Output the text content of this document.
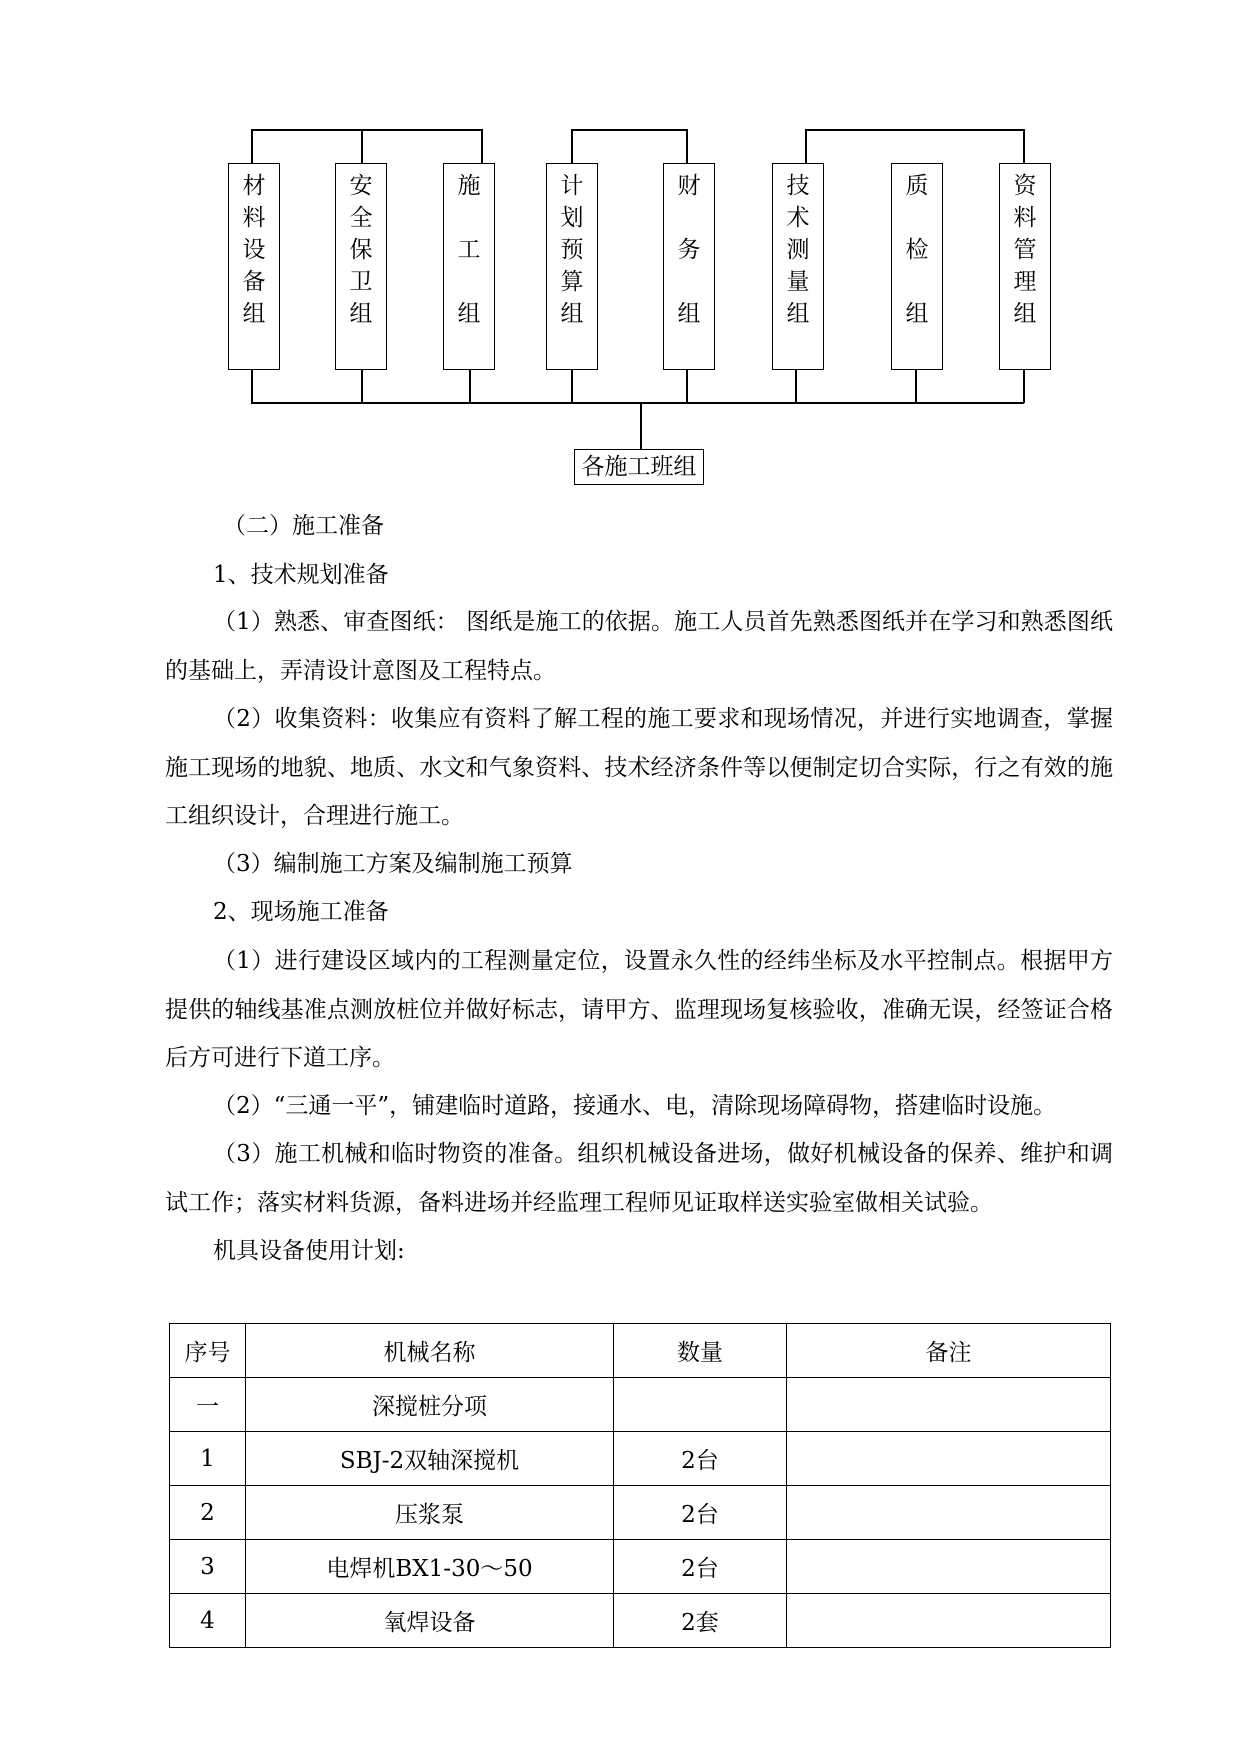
材
料
设
备
组
安
全
保
卫
组
施

工

组
计
划
预
算
组
财

务

组
技
术
测
量
组
质

检

组
资
料
管
理
组
各施工班组
（二）施工准备
1、技术规划准备
（1）熟悉、审查图纸： 图纸是施工的依据。施工人员首先熟悉图纸并在学习和熟悉图纸的基础上，弄清设计意图及工程特点。
（2）收集资料：收集应有资料了解工程的施工要求和现场情况，并进行实地调查，掌握施工现场的地貌、地质、水文和气象资料、技术经济条件等以便制定切合实际，行之有效的施工组织设计，合理进行施工。
（3）编制施工方案及编制施工预算
2、现场施工准备
（1）进行建设区域内的工程测量定位，设置永久性的经纬坐标及水平控制点。根据甲方提供的轴线基准点测放桩位并做好标志，请甲方、监理现场复核验收，准确无误，经签证合格后方可进行下道工序。
（2）“三通一平”，铺建临时道路，接通水、电，清除现场障碍物，搭建临时设施。
（3）施工机械和临时物资的准备。组织机械设备进场，做好机械设备的保养、维护和调试工作；落实材料货源，备料进场并经监理工程师见证取样送实验室做相关试验。
机具设备使用计划:
序号	机械名称	数量	备注
一	深搅桩分项		
1	SBJ-2双轴深搅机	2台	
2	压浆泵	2台	
3	电焊机BX1-30～50	2台	
4	氧焊设备	2套	
